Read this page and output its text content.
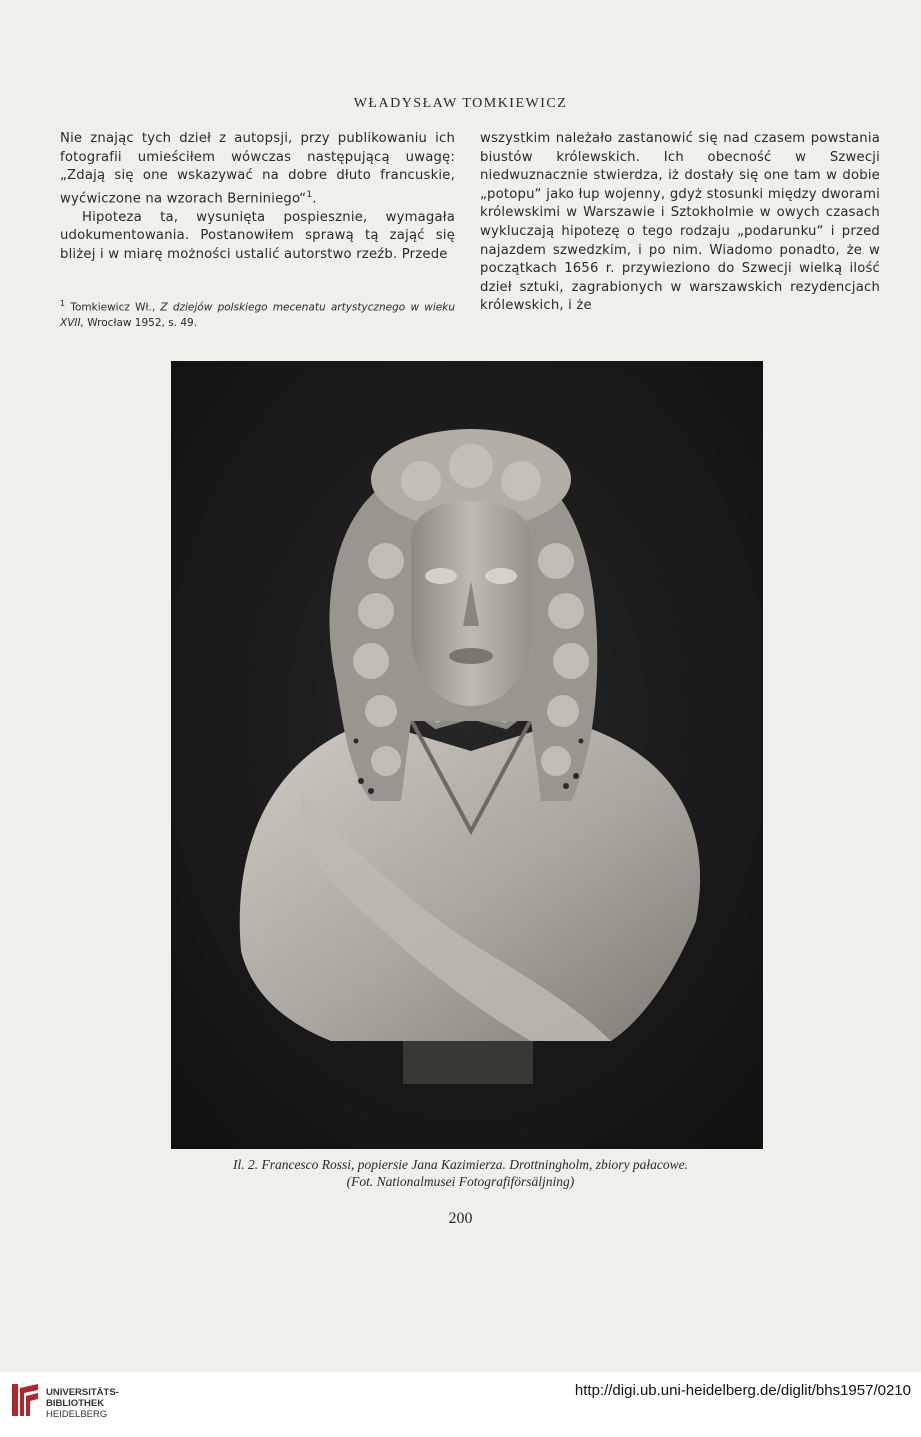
WŁADYSŁAW TOMKIEWICZ

Nie znając tych dzieł z autopsji, przy publikowaniu ich fotografii umieściłem wówczas następującą uwagę: „Zdają się one wskazywać na dobre dłuto francuskie, wyćwiczone na wzorach Berniniego“$^1$.

Hipoteza ta, wysunięta pospiesznie, wymagała udokumentowania. Postanowiłem sprawą tą zająć się bliżej i w miarę możności ustalić autorstwo rzeźb. Przede

$^1$ Tomkiewicz Wł., Z dziejów polskiego mecenatu artystycznego w wieku XVII, Wrocław 1952, s. 49.

wszystkim należało zastanowić się nad czasem powstania biustów królewskich. Ich obecność w Szwecji niedwuznacznie stwierdza, iż dostały się one tam w dobie „potopu“ jako łup wojenny, gdyż stosunki między dworami królewskimi w Warszawie i Sztokholmie w owych czasach wykluczają hipotezę o tego rodzaju „podarunku“ i przed najazdem szwedzkim, i po nim. Wiadomo ponadto, że w początkach 1656 r. przywieziono do Szwecji wielką ilość dzieł sztuki, zagrabionych w warszawskich rezydencjach królewskich, i że

Il. 2. Francesco Rossi, popiersie Jana Kazimierza. Drottningholm, zbiory pałacowe.
(Fot. Nationalmusei Fotografiförsäljning)
200
UNIVERSITÄTS-
BIBLIOTHEK
HEIDELBERG
http://digi.ub.uni-heidelberg.de/diglit/bhs1957/0210
